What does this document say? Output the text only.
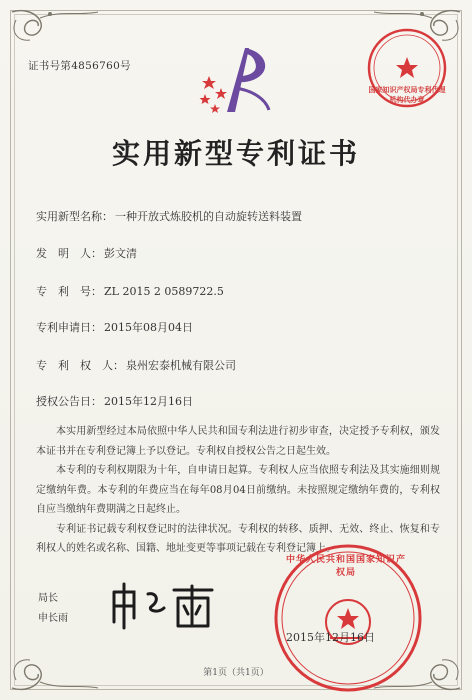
证书号第4856760号
国家知识产权局专利代理机构代办章
实用新型专利证书
实用新型名称： 一种开放式炼胶机的自动旋转送料装置
发　明　人： 彭文清
专　利　号： ZL 2015 2 0589722.5
专利申请日： 2015年08月04日
专　利　权　人： 泉州宏泰机械有限公司
授权公告日： 2015年12月16日

本实用新型经过本局依照中华人民共和国专利法进行初步审查，决定授予专利权，颁发本证书并在专利登记簿上予以登记。专利权自授权公告之日起生效。

本专利的专利权期限为十年，自申请日起算。专利权人应当依照专利法及其实施细则规定缴纳年费。本专利的年费应当在每年08月04日前缴纳。未按照规定缴纳年费的，专利权自应当缴纳年费期满之日起终止。

专利证书记载专利权登记时的法律状况。专利权的转移、质押、无效、终止、恢复和专利权人的姓名或名称、国籍、地址变更等事项记载在专利登记簿上。

局长
申长雨
中华人民共和国国家知识产权局
2015年12月16日
第1页（共1页）
